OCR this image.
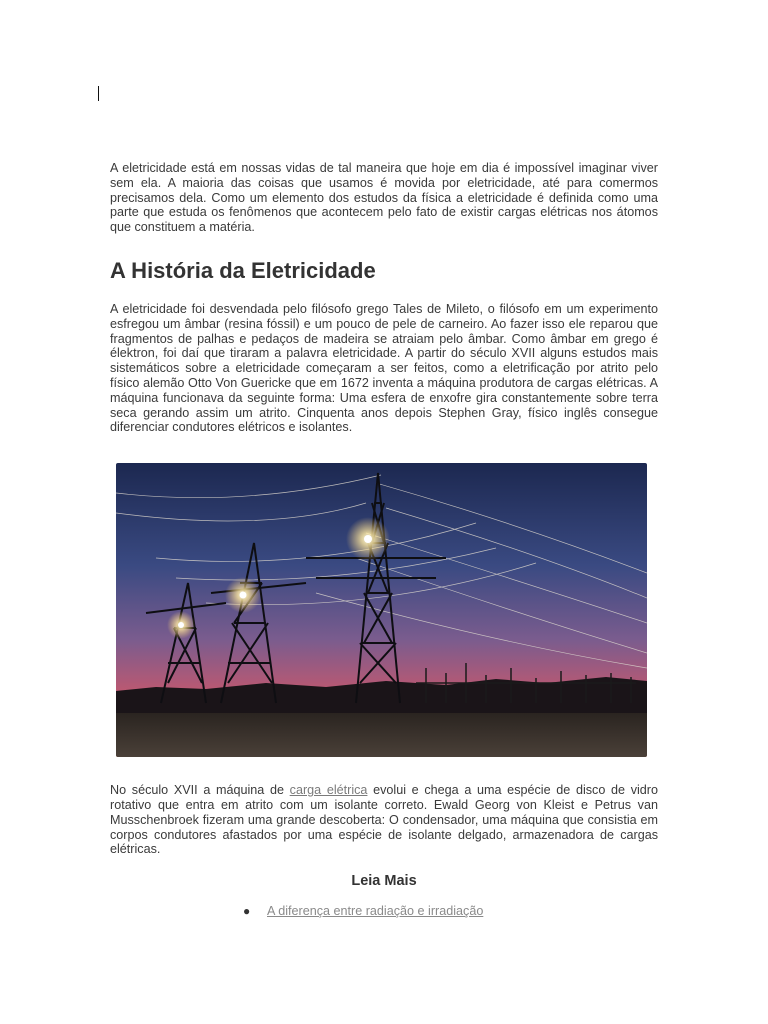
A eletricidade está em nossas vidas de tal maneira que hoje em dia é impossível imaginar viver sem ela. A maioria das coisas que usamos é movida por eletricidade, até para comermos precisamos dela. Como um elemento dos estudos da física a eletricidade é definida como uma parte que estuda os fenômenos que acontecem pelo fato de existir cargas elétricas nos átomos que constituem a matéria.

A História da Eletricidade

A eletricidade foi desvendada pelo filósofo grego Tales de Mileto, o filósofo em um experimento esfregou um âmbar (resina fóssil) e um pouco de pele de carneiro. Ao fazer isso ele reparou que fragmentos de palhas e pedaços de madeira se atraiam pelo âmbar. Como âmbar em grego é élektron, foi daí que tiraram a palavra eletricidade. A partir do século XVII alguns estudos mais sistemáticos sobre a eletricidade começaram a ser feitos, como a eletrificação por atrito pelo físico alemão Otto Von Guericke que em 1672 inventa a máquina produtora de cargas elétricas. A máquina funcionava da seguinte forma: Uma esfera de enxofre gira constantemente sobre terra seca gerando assim um atrito. Cinquenta anos depois Stephen Gray, físico inglês consegue diferenciar condutores elétricos e isolantes.

No século XVII a máquina de carga elétrica evolui e chega a uma espécie de disco de vidro rotativo que entra em atrito com um isolante correto. Ewald Georg von Kleist e Petrus van Musschenbroek fizeram uma grande descoberta: O condensador, uma máquina que consistia em corpos condutores afastados por uma espécie de isolante delgado, armazenadora de cargas elétricas.

Leia Mais
● A diferença entre radiação e irradiação
